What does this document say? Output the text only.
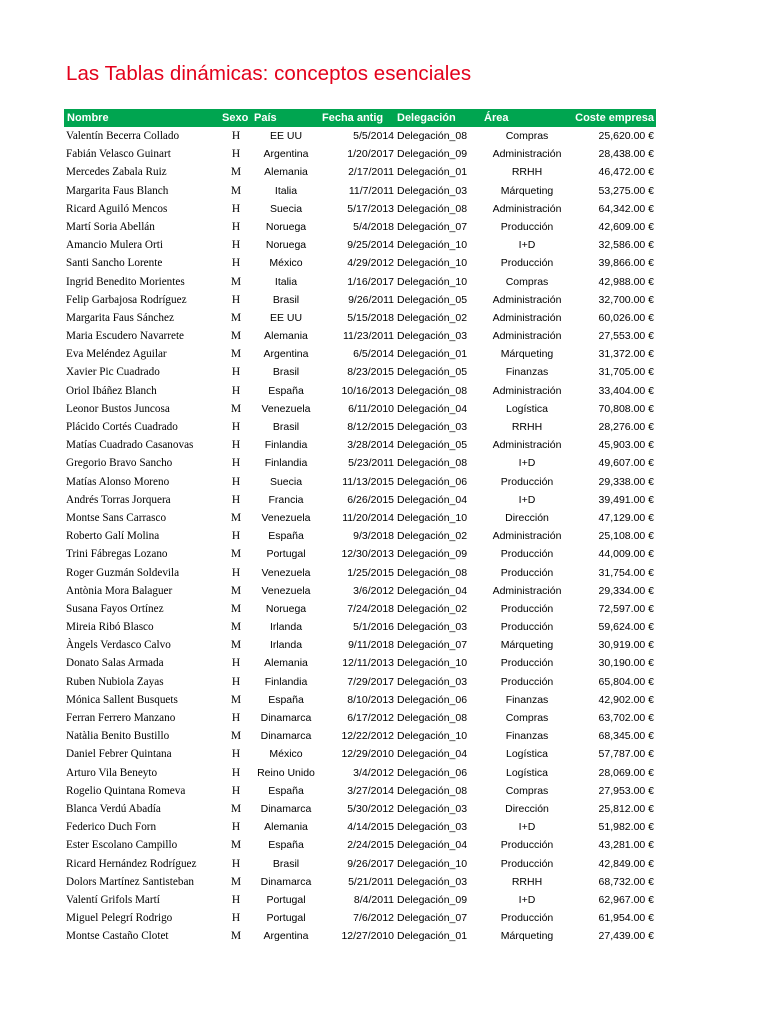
Las Tablas dinámicas: conceptos esenciales
Nombre	Sexo País	Fecha antig	Delegación	Área	Coste empresa
Valentín Becerra Collado	H	EE UU	5/5/2014 Delegación_08	Compras	25,620.00 €
Fabián Velasco Guinart	H	Argentina	1/20/2017 Delegación_09	Administración	28,438.00 €
Mercedes Zabala Ruiz	M	Alemania	2/17/2011 Delegación_01	RRHH	46,472.00 €
Margarita Faus Blanch	M	Italia	11/7/2011 Delegación_03	Márqueting	53,275.00 €
Ricard Aguiló Mencos	H	Suecia	5/17/2013 Delegación_08	Administración	64,342.00 €
Martí Soria Abellán	H	Noruega	5/4/2018 Delegación_07	Producción	42,609.00 €
Amancio Mulera Orti	H	Noruega	9/25/2014 Delegación_10	I+D	32,586.00 €
Santi Sancho Lorente	H	México	4/29/2012 Delegación_10	Producción	39,866.00 €
Ingrid Benedito Morientes	M	Italia	1/16/2017 Delegación_10	Compras	42,988.00 €
Felip Garbajosa Rodríguez	H	Brasil	9/26/2011 Delegación_05	Administración	32,700.00 €
Margarita Faus Sánchez	M	EE UU	5/15/2018 Delegación_02	Administración	60,026.00 €
Maria Escudero Navarrete	M	Alemania	11/23/2011 Delegación_03	Administración	27,553.00 €
Eva Meléndez Aguilar	M	Argentina	6/5/2014 Delegación_01	Márqueting	31,372.00 €
Xavier Pic Cuadrado	H	Brasil	8/23/2015 Delegación_05	Finanzas	31,705.00 €
Oriol Ibáñez Blanch	H	España	10/16/2013 Delegación_08	Administración	33,404.00 €
Leonor Bustos Juncosa	M	Venezuela	6/11/2010 Delegación_04	Logística	70,808.00 €
Plácido Cortés Cuadrado	H	Brasil	8/12/2015 Delegación_03	RRHH	28,276.00 €
Matías Cuadrado Casanovas	H	Finlandia	3/28/2014 Delegación_05	Administración	45,903.00 €
Gregorio Bravo Sancho	H	Finlandia	5/23/2011 Delegación_08	I+D	49,607.00 €
Matías Alonso Moreno	H	Suecia	11/13/2015 Delegación_06	Producción	29,338.00 €
Andrés Torras Jorquera	H	Francia	6/26/2015 Delegación_04	I+D	39,491.00 €
Montse Sans Carrasco	M	Venezuela	11/20/2014 Delegación_10	Dirección	47,129.00 €
Roberto Galí Molina	H	España	9/3/2018 Delegación_02	Administración	25,108.00 €
Trini Fábregas Lozano	M	Portugal	12/30/2013 Delegación_09	Producción	44,009.00 €
Roger Guzmán Soldevila	H	Venezuela	1/25/2015 Delegación_08	Producción	31,754.00 €
Antònia Mora Balaguer	M	Venezuela	3/6/2012 Delegación_04	Administración	29,334.00 €
Susana Fayos Ortínez	M	Noruega	7/24/2018 Delegación_02	Producción	72,597.00 €
Mireia Ribó Blasco	M	Irlanda	5/1/2016 Delegación_03	Producción	59,624.00 €
Àngels Verdasco Calvo	M	Irlanda	9/11/2018 Delegación_07	Márqueting	30,919.00 €
Donato Salas Armada	H	Alemania	12/11/2013 Delegación_10	Producción	30,190.00 €
Ruben Nubiola Zayas	H	Finlandia	7/29/2017 Delegación_03	Producción	65,804.00 €
Mónica Sallent Busquets	M	España	8/10/2013 Delegación_06	Finanzas	42,902.00 €
Ferran Ferrero Manzano	H	Dinamarca	6/17/2012 Delegación_08	Compras	63,702.00 €
Natàlia Benito Bustillo	M	Dinamarca	12/22/2012 Delegación_10	Finanzas	68,345.00 €
Daniel Febrer Quintana	H	México	12/29/2010 Delegación_04	Logística	57,787.00 €
Arturo Vila Beneyto	H	Reino Unido	3/4/2012 Delegación_06	Logística	28,069.00 €
Rogelio Quintana Romeva	H	España	3/27/2014 Delegación_08	Compras	27,953.00 €
Blanca Verdú Abadía	M	Dinamarca	5/30/2012 Delegación_03	Dirección	25,812.00 €
Federico Duch Forn	H	Alemania	4/14/2015 Delegación_03	I+D	51,982.00 €
Ester Escolano Campillo	M	España	2/24/2015 Delegación_04	Producción	43,281.00 €
Ricard Hernández Rodríguez	H	Brasil	9/26/2017 Delegación_10	Producción	42,849.00 €
Dolors Martínez Santisteban	M	Dinamarca	5/21/2011 Delegación_03	RRHH	68,732.00 €
Valentí Grifols Martí	H	Portugal	8/4/2011 Delegación_09	I+D	62,967.00 €
Miguel Pelegrí Rodrigo	H	Portugal	7/6/2012 Delegación_07	Producción	61,954.00 €
Montse Castaño Clotet	M	Argentina	12/27/2010 Delegación_01	Márqueting	27,439.00 €
